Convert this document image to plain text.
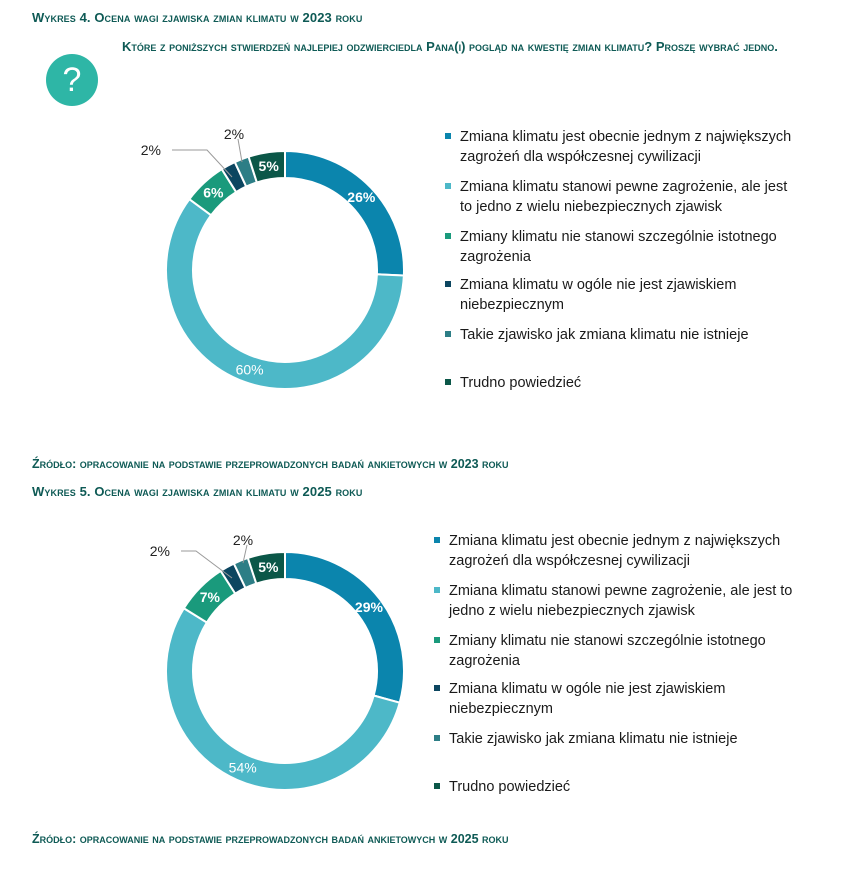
Wykres 4. Ocena wagi zjawiska zmian klimatu w 2023 roku
?
Które z poniższych stwierdzeń najlepiej odzwierciedla Pana(i) pogląd na kwestię zmian klimatu? Proszę wybrać jedno.
26%
60%
6%
2%
2%
5%
Zmiana klimatu jest obecnie jednym z największych
zagrożeń dla współczesnej cywilizacji
Zmiana klimatu stanowi pewne zagrożenie, ale jest
to jedno z wielu niebezpiecznych zjawisk
Zmiany klimatu nie stanowi szczególnie istotnego
zagrożenia
Zmiana klimatu w ogóle nie jest zjawiskiem
niebezpiecznym
Takie zjawisko jak zmiana klimatu nie istnieje
Trudno powiedzieć
Źródło: opracowanie na podstawie przeprowadzonych badań ankietowych w 2023 roku
Wykres 5. Ocena wagi zjawiska zmian klimatu w 2025 roku
29%
54%
7%
2%
2%
5%
Zmiana klimatu jest obecnie jednym z największych
zagrożeń dla współczesnej cywilizacji
Zmiana klimatu stanowi pewne zagrożenie, ale jest to
jedno z wielu niebezpiecznych zjawisk
Zmiany klimatu nie stanowi szczególnie istotnego
zagrożenia
Zmiana klimatu w ogóle nie jest zjawiskiem
niebezpiecznym
Takie zjawisko jak zmiana klimatu nie istnieje
Trudno powiedzieć
Źródło: opracowanie na podstawie przeprowadzonych badań ankietowych w 2025 roku
